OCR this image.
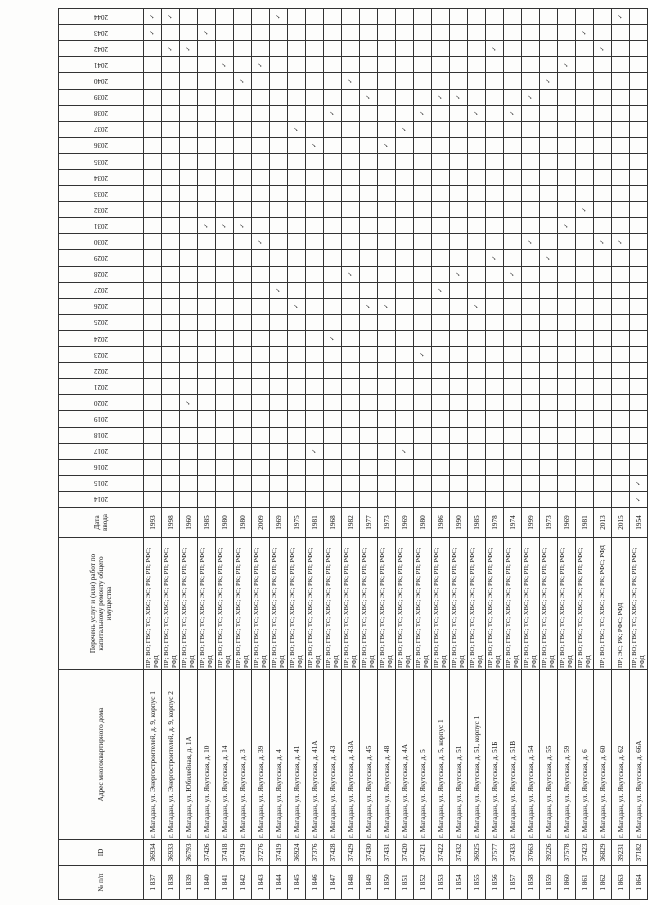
№ п/п	ID	Адрес многоквартирного дома	Перечень услуг и (или) работ по капитальному ремонту общего имущества	Дата ввода	2014	2015	2016	2017	2018	2019	2020	2021	2022	2023	2024	2025	2026	2027	2028	2029	2030	2031	2032	2033	2034	2035	2036	2037	2038	2039	2040	2041	2042	2043	2044
1 837	36934	г. Магадан, ул. Энергостроителей, д. 9, корпус 1	ПР; ВО; ГВС; ТС; ХВС; ЭС; РК; РП; РФС; РФД	1993																														✓	✓
1 838	36933	г. Магадан, ул. Энергостроителей, д. 9, корпус 2	ПР; ВО; ГВС; ТС; ХВС; ЭС; РК; РП; РФС; РФД	1998																													✓		✓
1 839	36793	г. Магадан, ул. Юбилейная, д. 1А	ПР; ВО; ГВС; ТС; ХВС; ЭС; РК; РП; РФС; РФД	1960							✓																						✓		
1 840	37426	г. Магадан, ул. Якутская, д. 10	ПР; ВО; ГВС; ТС; ХВС; ЭС; РК; РП; РФС; РФД	1985																		✓												✓	
1 841	37418	г. Магадан, ул. Якутская, д. 14	ПР; ВО; ГВС; ТС; ХВС; ЭС; РК; РП; РФС; РФД	1980																		✓										✓			
1 842	37419	г. Магадан, ул. Якутская, д. 3	ПР; ВО; ГВС; ТС; ХВС; ЭС; РК; РП; РФС; РФД	1980																		✓									✓				
1 843	37276	г. Магадан, ул. Якутская, д. 39	ПР; ВО; ГВС; ТС; ХВС; ЭС; РК; РП; РФС; РФД	2009																	✓											✓			
1 844	37419	г. Магадан, ул. Якутская, д. 4	ПР; ВО; ГВС; ТС; ХВС; ЭС; РК; РП; РФС; РФД	1969														✓																	✓
1 845	36924	г. Магадан, ул. Якутская, д. 41	ПР; ВО; ГВС; ТС; ХВС; ЭС; РК; РП; РФС; РФД	1975													✓											✓							
1 846	37376	г. Магадан, ул. Якутская, д. 41А	ПР; ВО; ГВС; ТС; ХВС; ЭС; РК; РП; РФС; РФД	1981				✓																			✓								
1 847	37428	г. Магадан, ул. Якутская, д. 43	ПР; ВО; ГВС; ТС; ХВС; ЭС; РК; РП; РФС; РФД	1968											✓														✓						
1 848	37429	г. Магадан, ул. Якутская, д. 43А	ПР; ВО; ГВС; ТС; ХВС; ЭС; РК; РП; РФС; РФД	1982															✓												✓				
1 849	37430	г. Магадан, ул. Якутская, д. 45	ПР; ВО; ГВС; ТС; ХВС; ЭС; РК; РП; РФС; РФД	1977													✓													✓					
1 850	37431	г. Магадан, ул. Якутская, д. 48	ПР; ВО; ГВС; ТС; ХВС; ЭС; РК; РП; РФС; РФД	1973													✓										✓								
1 851	37420	г. Магадан, ул. Якутская, д. 4А	ПР; ВО; ГВС; ТС; ХВС; ЭС; РК; РП; РФС; РФД	1969				✓																				✓							
1 852	37421	г. Магадан, ул. Якутская, д. 5	ПР; ВО; ГВС; ТС; ХВС; ЭС; РК; РП; РФС; РФД	1980										✓															✓						
1 853	37422	г. Магадан, ул. Якутская, д. 5, корпус 1	ПР; ВО; ГВС; ТС; ХВС; ЭС; РК; РП; РФС; РФД	1986														✓												✓					
1 854	37432	г. Магадан, ул. Якутская, д. 51	ПР; ВО; ГВС; ТС; ХВС; ЭС; РК; РП; РФС; РФД	1990															✓											✓					
1 855	36925	г. Магадан, ул. Якутская, д. 51, корпус 1	ПР; ВО; ГВС; ТС; ХВС; ЭС; РК; РП; РФС; РФД	1985													✓												✓						
1 856	37577	г. Магадан, ул. Якутская, д. 51Б	ПР; ВО; ГВС; ТС; ХВС; ЭС; РК; РП; РФС; РФД	1978																✓													✓		
1 857	37433	г. Магадан, ул. Якутская, д. 51В	ПР; ВО; ГВС; ТС; ХВС; ЭС; РК; РП; РФС; РФД	1974															✓										✓						
1 858	37663	г. Магадан, ул. Якутская, д. 54	ПР; ВО; ГВС; ТС; ХВС; ЭС; РК; РП; РФС; РФД	1999																	✓									✓					
1 859	39226	г. Магадан, ул. Якутская, д. 55	ПР; ВО; ГВС; ТС; ХВС; ЭС; РК; РП; РФС; РФД	1973																✓											✓				
1 860	37578	г. Магадан, ул. Якутская, д. 59	ПР; ВО; ГВС; ТС; ХВС; ЭС; РК; РП; РФС; РФД	1969																		✓										✓			
1 861	37423	г. Магадан, ул. Якутская, д. 6	ПР; ВО; ГВС; ТС; ХВС; ЭС; РК; РП; РФС; РФД	1981																			✓											✓	
1 862	36829	г. Магадан, ул. Якутская, д. 60	ПР; ВО; ГВС; ТС; ХВС; ЭС; РК; РФС; РФД	2013																	✓												✓		
1 863	39231	г. Магадан, ул. Якутская, д. 62	ПР; ЭС; РК; РФС; РФД	2015																	✓														✓
1 864	37182	г. Магадан, ул. Якутская, д. 66А	ПР; ВО; ГВС; ТС; ХВС; ЭС; РК; РП; РФС; РФД	1954	✓	✓																													
